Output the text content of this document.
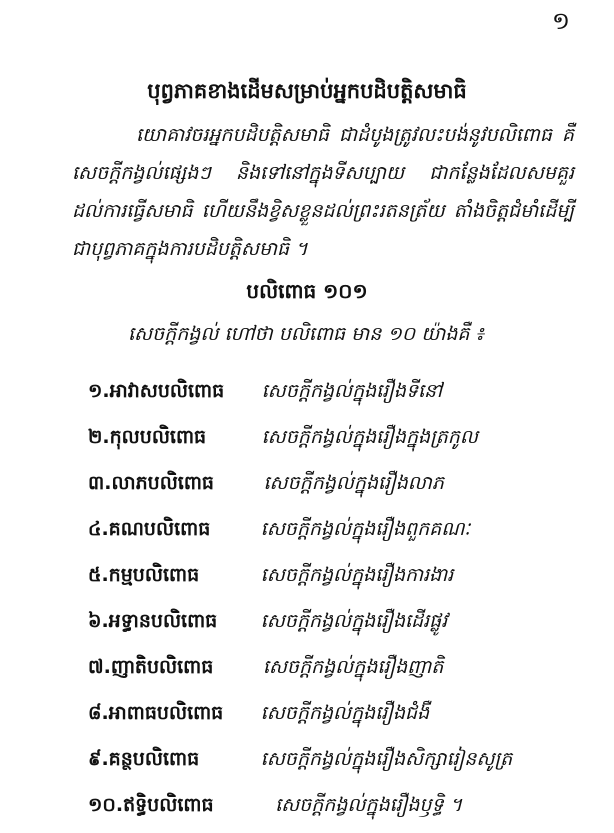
១
បុព្វភាគខាងដើមសម្រាប់អ្នកបដិបត្តិសមាធិ

យោគាវចរអ្នកបដិបត្តិសមាធិ ជាដំបូងត្រូវលះបង់នូវបលិពោធ គឺ

សេចក្ដីកង្វល់ផ្សេងៗ និងទៅនៅក្នុងទីសប្បាយ ជាកន្លែងដែលសមគួរ

ដល់ការធ្វើសមាធិ ហើយនឹងខ្វិសខ្លួនដល់ព្រះរតនត្រ័យ តាំងចិត្តជំមាំដើម្បី

ជាបុព្វភាគក្នុងការបដិបត្តិសមាធិ ។

បលិពោធ ១០១
សេចក្ដីកង្វល់ ហៅថា បលិពោធ មាន ១០ យ៉ាងគឺ ៖
១.អាវាសបលិពោធ សេចក្ដីកង្វល់ក្នុងរឿងទីនៅ
២.កុលបលិពោធ	សេចក្ដីកង្វល់ក្នុងរឿងក្នុងត្រកូល
៣.លាភបលិពោធ	សេចក្ដីកង្វល់ក្នុងរឿងលាភ
៤.គណបលិពោធ	សេចក្ដីកង្វល់ក្នុងរឿងពួកគណៈ
៥.កម្មបលិពោធ	សេចក្ដីកង្វល់ក្នុងរឿងការងារ
៦.អទ្ធានបលិពោធ សេចក្ដីកង្វល់ក្នុងរឿងដើរផ្លូវ
៧.ញាតិបលិពោធ	សេចក្ដីកង្វល់ក្នុងរឿងញាតិ
៨.អាពាធបលិពោធ សេចក្ដីកង្វល់ក្នុងរឿងជំងឺ
៩.គន្ថបលិពោធ	សេចក្ដីកង្វល់ក្នុងរឿងសិក្សារៀនសូត្រ
១០.ឥទ្ធិបលិពោធ	សេចក្ដីកង្វល់ក្នុងរឿងឫទ្ធិ ។
